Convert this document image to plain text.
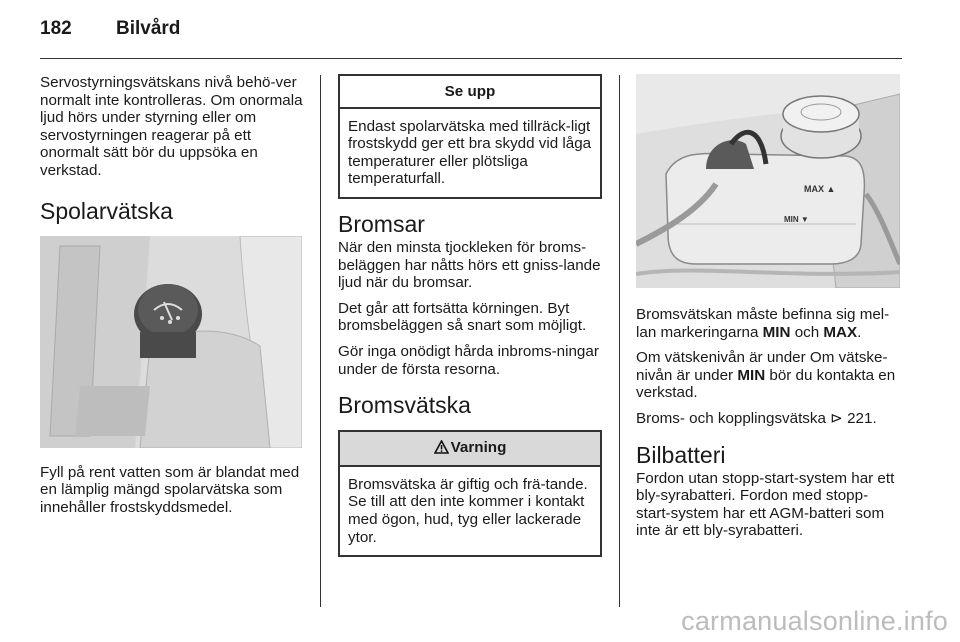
182 Bilvård

Servostyrningsvätskans nivå behö-ver normalt inte kontrolleras. Om onormala ljud hörs under styrning eller om servostyrningen reagerar på ett onormalt sätt bör du uppsöka en verkstad.

Spolarvätska

Fyll på rent vatten som är blandat med en lämplig mängd spolarvätska som innehåller frostskyddsmedel.

Se upp
Endast spolarvätska med tillräck-ligt frostskydd ger ett bra skydd vid låga temperaturer eller plötsliga temperaturfall.
Bromsar

När den minsta tjockleken för broms-beläggen har nåtts hörs ett gniss-lande ljud när du bromsar.

Det går att fortsätta körningen. Byt bromsbeläggen så snart som möjligt.

Gör inga onödigt hårda inbroms-ningar under de första resorna.

Bromsvätska
Varning
Bromsvätska är giftig och frä-tande. Se till att den inte kommer i kontakt med ögon, hud, tyg eller lackerade ytor.
MAX ▲
MIN ▼

Bromsvätskan måste befinna sig mel-lan markeringarna MIN och MAX.

Om vätskenivån är under Om vätske-nivån är under MIN bör du kontakta en verkstad.

Broms- och kopplingsvätska ⊳ 221.

Bilbatteri

Fordon utan stopp-start-system har ett bly-syrabatteri. Fordon med stopp-start-system har ett AGM-batteri som inte är ett bly-syrabatteri.

carmanualsonline.info
